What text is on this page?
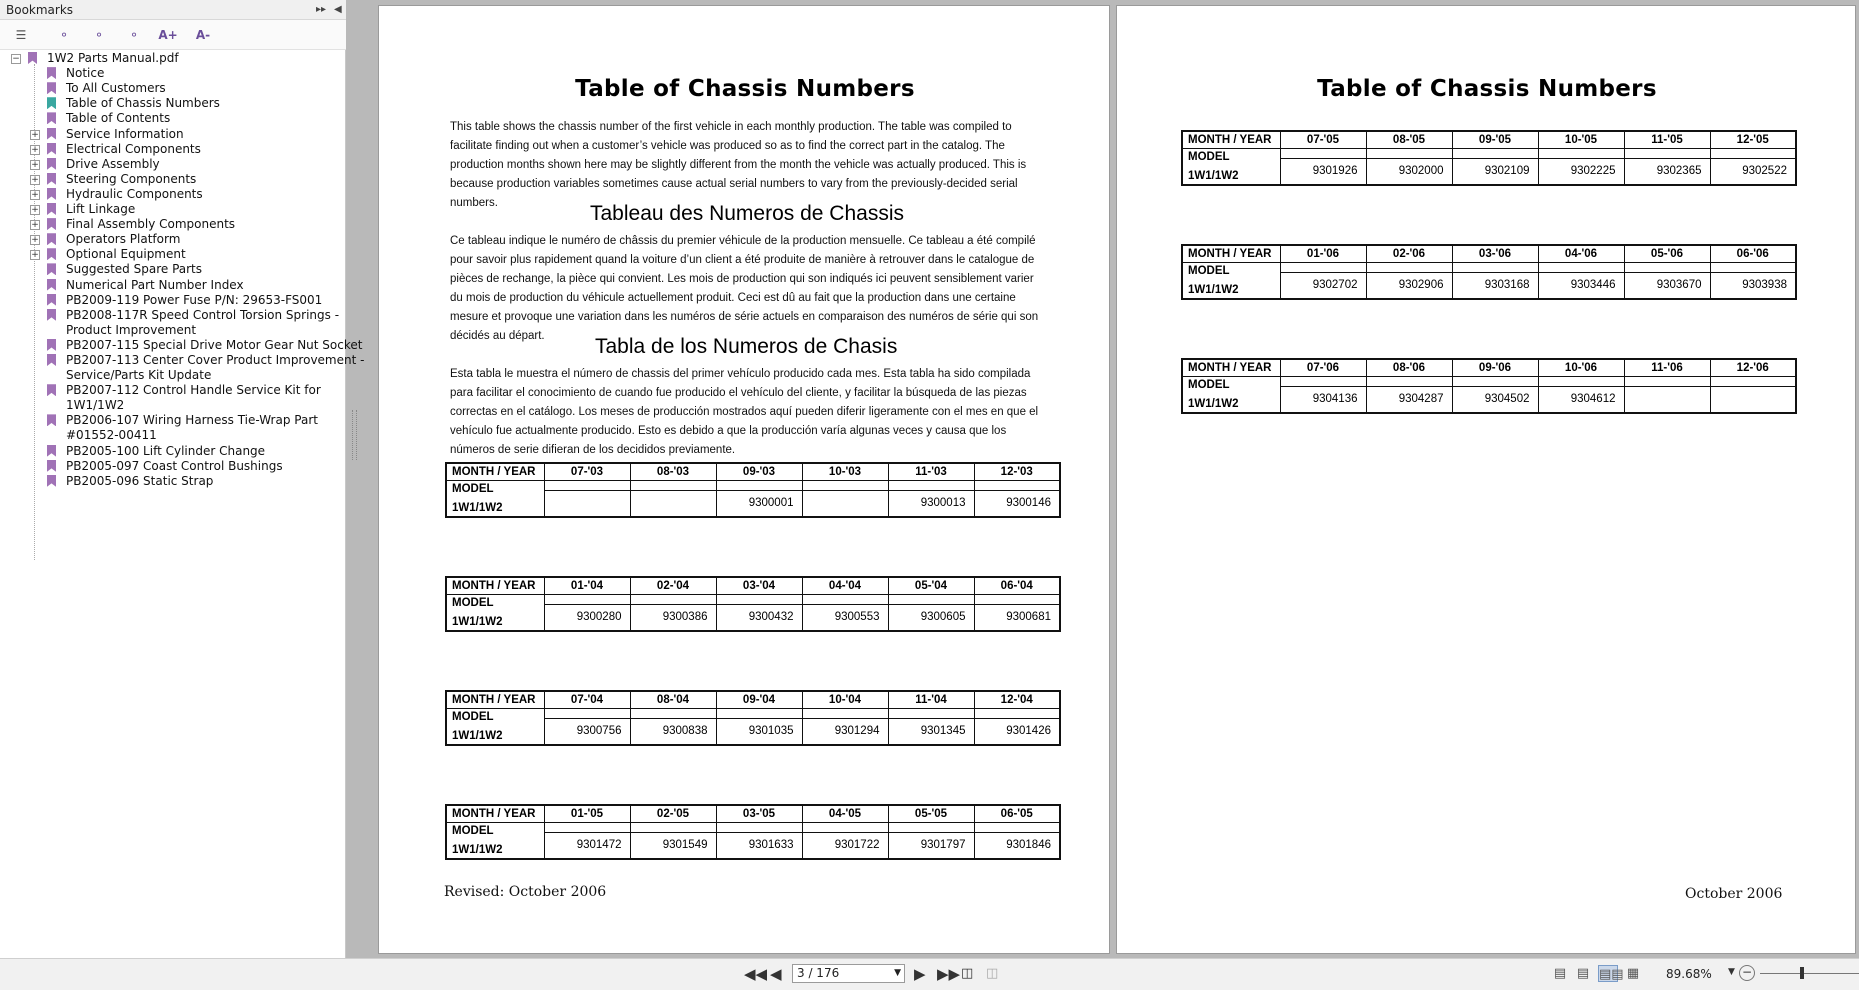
Bookmarks	▸▸ ◀
☰	⚬	⚬	⚬	A+ A-
− 1W2 Parts Manual.pdf
Notice
To All Customers
Table of Chassis Numbers
Table of Contents
+ Service Information
+ Electrical Components
+ Drive Assembly
+ Steering Components
+ Hydraulic Components
+ Lift Linkage
+ Final Assembly Components
+ Operators Platform
+ Optional Equipment
Suggested Spare Parts
Numerical Part Number Index
PB2009-119 Power Fuse P/N: 29653-FS001
PB2008-117R Speed Control Torsion Springs -
Product Improvement
PB2007-115 Special Drive Motor Gear Nut Socket
PB2007-113 Center Cover Product Improvement -
Service/Parts Kit Update
PB2007-112 Control Handle Service Kit for
1W1/1W2
PB2006-107 Wiring Harness Tie-Wrap Part
#01552-00411
PB2005-100 Lift Cylinder Change
PB2005-097 Coast Control Bushings
PB2005-096 Static Strap
Table of Chassis Numbers
This table shows the chassis number of the first vehicle in each monthly production. The table was compiled to facilitate finding out when a customer’s vehicle was produced so as to find the correct part in the catalog. The production months shown here may be slightly different from the month the vehicle was actually produced. This is because production variables sometimes cause actual serial numbers to vary from the previously-decided serial numbers.	Tableau des Numeros de Chassis
Ce tableau indique le numéro de châssis du premier véhicule de la production mensuelle. Ce tableau a été compilé pour savoir plus rapidement quand la voiture d’un client a été produite de manière à retrouver dans le catalogue de pièces de rechange, la pièce qui convient. Les mois de production qui son indiqués ici peuvent sensiblement varier du mois de production du véhicule actuellement produit. Ceci est dû au fait que la production dans une certaine mesure et provoque une variation dans les numéros de série actuels en comparaison des numéros de série qui son décidés au départ.	Tabla de los Numeros de Chasis
Esta tabla le muestra el número de chassis del primer vehículo producido cada mes. Esta tabla ha sido compilada para facilitar el conocimiento de cuando fue producido el vehículo del cliente, y facilitar la búsqueda de las piezas correctas en el catálogo. Los meses de producción mostrados aquí pueden diferir ligeramente con el mes en que el vehículo fue actualmente producido. Esto es debido a que la producción varía algunas veces y causa que los números de serie difieran de los decididos previamente.
MONTH / YEAR	07-'03	08-'03	09-'03	10-'03	11-'03	12-'03

MODEL
1W1/1W2						

			9300001		9300013	9300146
MONTH / YEAR	01-'04	02-'04	03-'04	04-'04	05-'04	06-'04

MODEL
1W1/1W2						

	9300280	9300386	9300432	9300553	9300605	9300681
MONTH / YEAR	07-'04	08-'04	09-'04	10-'04	11-'04	12-'04

MODEL
1W1/1W2						

	9300756	9300838	9301035	9301294	9301345	9301426
MONTH / YEAR	01-'05	02-'05	03-'05	04-'05	05-'05	06-'05

MODEL
1W1/1W2						

	9301472	9301549	9301633	9301722	9301797	9301846
Revised: October 2006
Table of Chassis Numbers
MONTH / YEAR	07-'05	08-'05	09-'05	10-'05	11-'05	12-'05

MODEL
1W1/1W2						

	9301926	9302000	9302109	9302225	9302365	9302522
MONTH / YEAR	01-'06	02-'06	03-'06	04-'06	05-'06	06-'06

MODEL
1W1/1W2						

	9302702	9302906	9303168	9303446	9303670	9303938
MONTH / YEAR	07-'06	08-'06	09-'06	10-'06	11-'06	12-'06

MODEL
1W1/1W2						

	9304136	9304287	9304502	9304612		
October 2006
◀◀ ◀	3 / 176	▼ ▶ ▶▶ ◫ ◫	▤ ▤ ▤▤ ▦ 89.68% ▼ −
